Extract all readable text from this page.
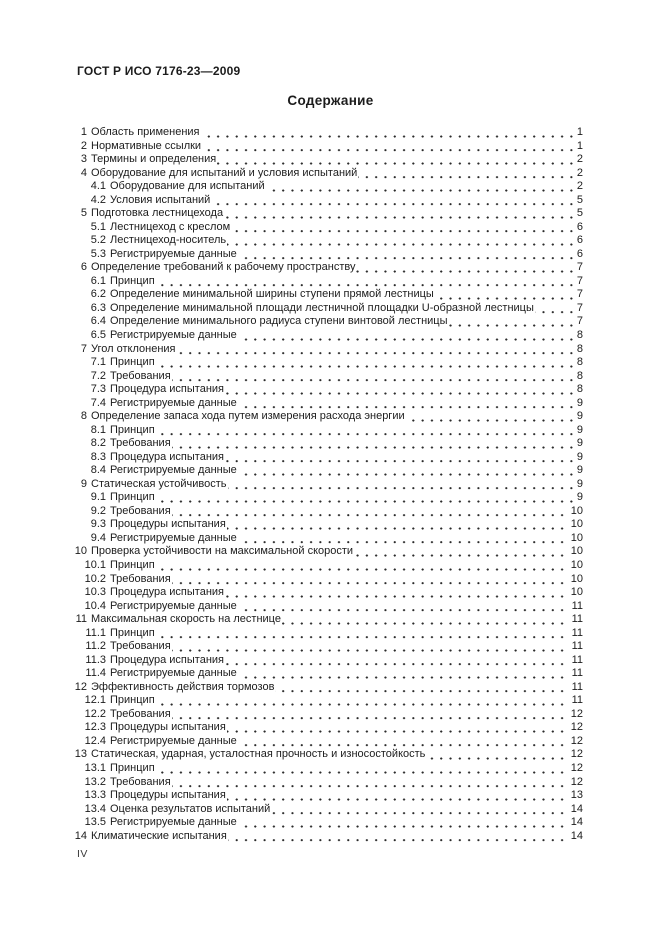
ГОСТ Р ИСО 7176-23—2009
Содержание
1 Область применения	1
2 Нормативные ссылки	1
3 Термины и определения	2
4 Оборудование для испытаний и условия испытаний	2
4.1 Оборудование для испытаний	2
4.2 Условия испытаний	5
5 Подготовка лестницехода	5
5.1 Лестницеход с креслом	6
5.2 Лестницеход-носитель	6
5.3 Регистрируемые данные	6
6 Определение требований к рабочему пространству	7
6.1 Принцип	7
6.2 Определение минимальной ширины ступени прямой лестницы	7
6.3 Определение минимальной площади лестничной площадки U-образной лестницы	7
6.4 Определение минимального радиуса ступени винтовой лестницы	7
6.5 Регистрируемые данные	8
7 Угол отклонения	8
7.1 Принцип	8
7.2 Требования	8
7.3 Процедура испытания	8
7.4 Регистрируемые данные	9
8 Определение запаса хода путем измерения расхода энергии	9
8.1 Принцип	9
8.2 Требования	9
8.3 Процедура испытания	9
8.4 Регистрируемые данные	9
9 Статическая устойчивость	9
9.1 Принцип	9
9.2 Требования	10
9.3 Процедуры испытания	10
9.4 Регистрируемые данные	10
10 Проверка устойчивости на максимальной скорости	10
10.1 Принцип	10
10.2 Требования	10
10.3 Процедура испытания	10
10.4 Регистрируемые данные	11
11 Максимальная скорость на лестнице	11
11.1 Принцип	11
11.2 Требования	11
11.3 Процедура испытания	11
11.4 Регистрируемые данные	11
12 Эффективность действия тормозов	11
12.1 Принцип	11
12.2 Требования	12
12.3 Процедуры испытания	12
12.4 Регистрируемые данные	12
13 Статическая, ударная, усталостная прочность и износостойкость	12
13.1 Принцип	12
13.2 Требования	12
13.3 Процедуры испытания	13
13.4 Оценка результатов испытаний	14
13.5 Регистрируемые данные	14
14 Климатические испытания	14
IV
